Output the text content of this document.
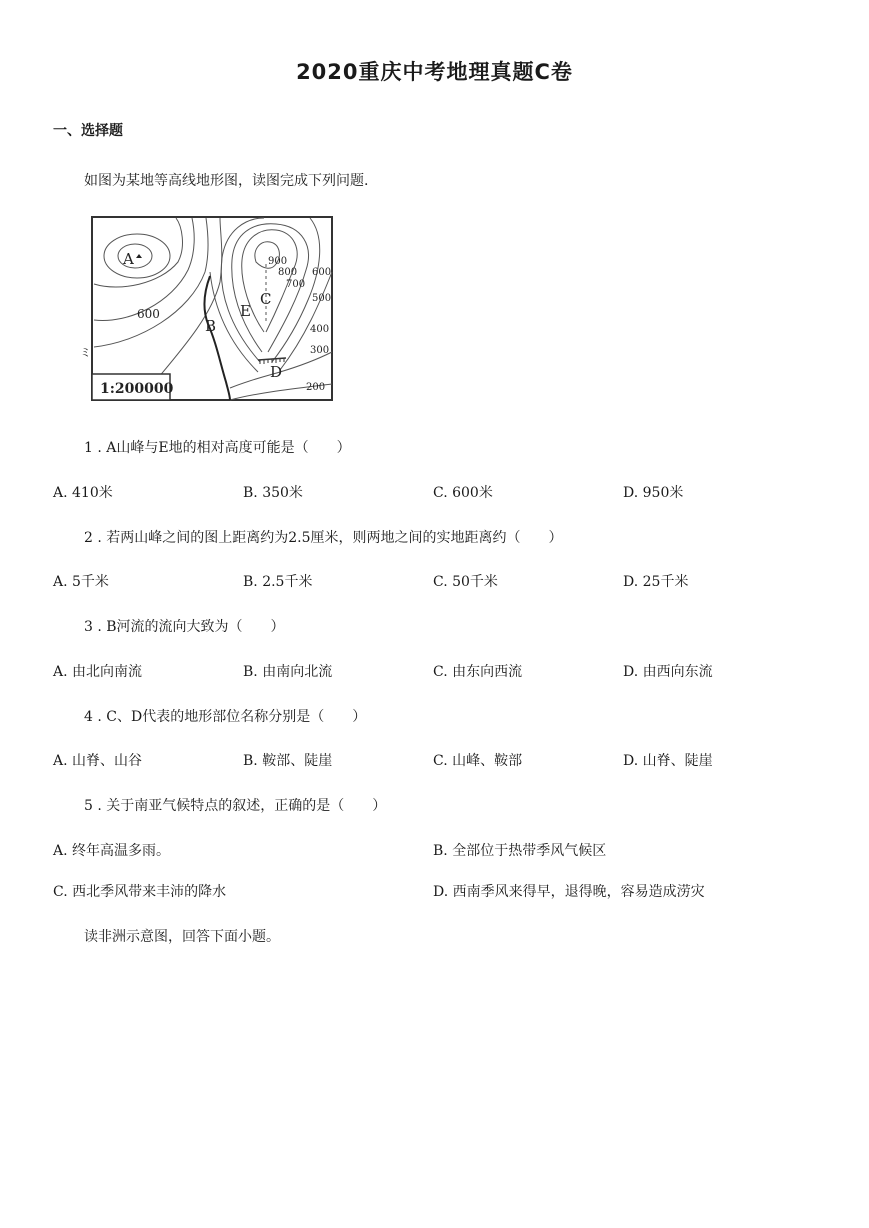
2020重庆中考地理真题C卷
一、选择题
如图为某地等高线地形图，读图完成下列问题.
1:200000
A
B
C
D
E
600
900
800
700
600
500
400
300
200
ミ
1 . A山峰与E地的相对高度可能是（　　）
A. 410米	B. 350米	C. 600米	D. 950米
2 . 若两山峰之间的图上距离约为2.5厘米，则两地之间的实地距离约（　　）
A. 5千米	B. 2.5千米	C. 50千米	D. 25千米
3 . B河流的流向大致为（　　）
A. 由北向南流	B. 由南向北流	C. 由东向西流	D. 由西向东流
4 . C、D代表的地形部位名称分别是（　　）
A. 山脊、山谷	B. 鞍部、陡崖	C. 山峰、鞍部	D. 山脊、陡崖
5 . 关于南亚气候特点的叙述，正确的是（　　）
A. 终年高温多雨。	B. 全部位于热带季风气候区
C. 西北季风带来丰沛的降水	D. 西南季风来得早，退得晚，容易造成涝灾
读非洲示意图，回答下面小题。
